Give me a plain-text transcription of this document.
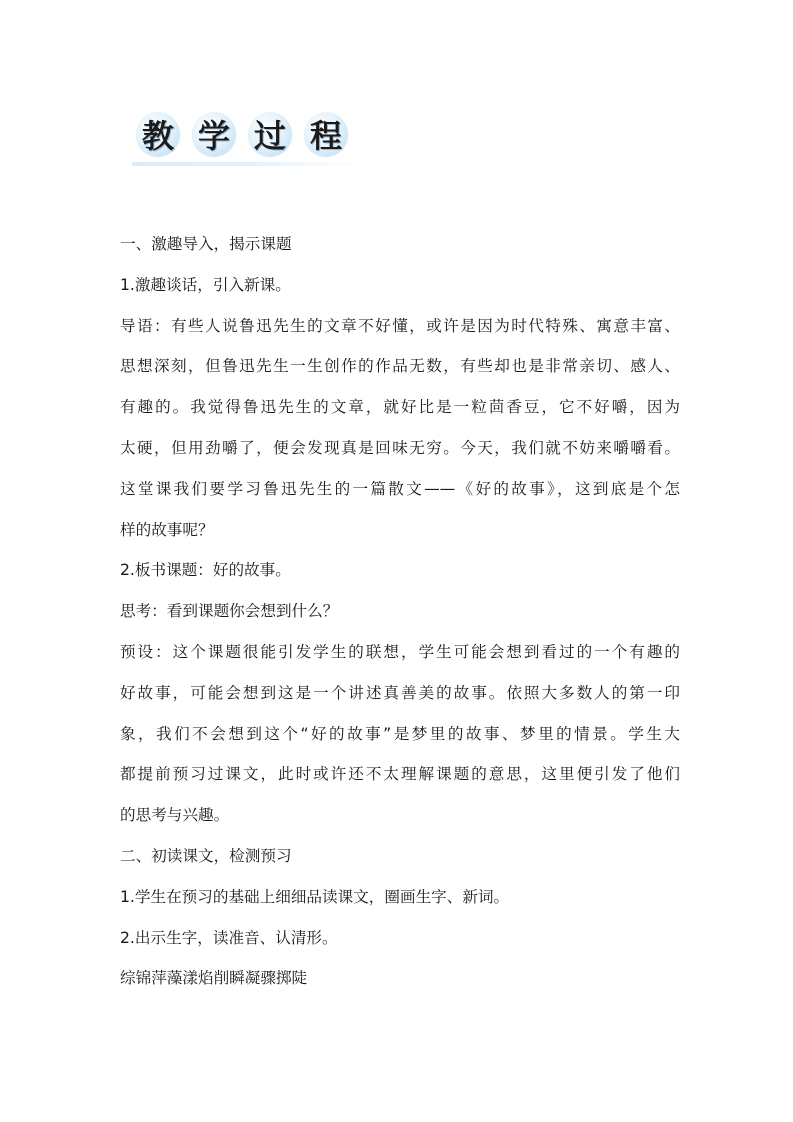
教 学 过 程
一、激趣导入，揭示课题
1.激趣谈话，引入新课。
导语：有些人说鲁迅先生的文章不好懂，或许是因为时代特殊、寓意丰富、
思想深刻，但鲁迅先生一生创作的作品无数，有些却也是非常亲切、感人、
有趣的。我觉得鲁迅先生的文章，就好比是一粒茴香豆，它不好嚼，因为
太硬，但用劲嚼了，便会发现真是回味无穷。今天，我们就不妨来嚼嚼看。
这堂课我们要学习鲁迅先生的一篇散文——《好的故事》，这到底是个怎
样的故事呢？
2.板书课题：好的故事。
思考：看到课题你会想到什么？
预设：这个课题很能引发学生的联想，学生可能会想到看过的一个有趣的
好故事，可能会想到这是一个讲述真善美的故事。依照大多数人的第一印
象，我们不会想到这个“好的故事”是梦里的故事、梦里的情景。学生大
都提前预习过课文，此时或许还不太理解课题的意思，这里便引发了他们
的思考与兴趣。
二、初读课文，检测预习
1.学生在预习的基础上细细品读课文，圈画生字、新词。
2.出示生字，读准音、认清形。
综锦萍藻漾焰削瞬凝骤掷陡
